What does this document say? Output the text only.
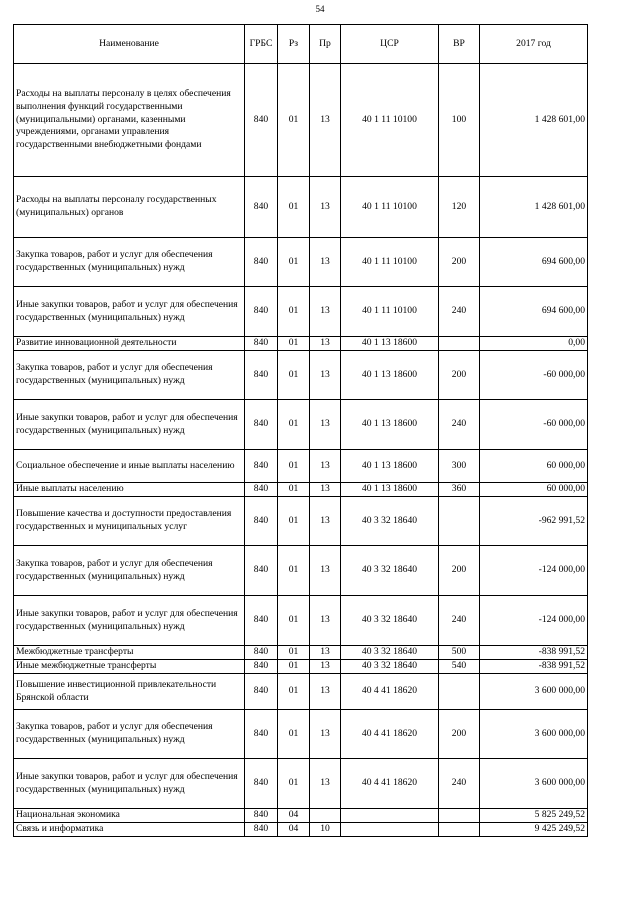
54
Наименование	ГРБС	Рз	Пр	ЦСР	ВР	2017 год
Расходы на выплаты персоналу в целях обеспечения выполнения функций государственными (муниципальными) органами, казенными учреждениями, органами управления государственными внебюджетными фондами	840	01	13	40 1 11 10100	100	1 428 601,00
Расходы на выплаты персоналу государственных (муниципальных) органов	840	01	13	40 1 11 10100	120	1 428 601,00
Закупка товаров, работ и услуг для обеспечения государственных (муниципальных) нужд	840	01	13	40 1 11 10100	200	694 600,00
Иные закупки товаров, работ и услуг для обеспечения государственных (муниципальных) нужд	840	01	13	40 1 11 10100	240	694 600,00
Развитие инновационной деятельности	840	01	13	40 1 13 18600		0,00
Закупка товаров, работ и услуг для обеспечения государственных (муниципальных) нужд	840	01	13	40 1 13 18600	200	-60 000,00
Иные закупки товаров, работ и услуг для обеспечения государственных (муниципальных) нужд	840	01	13	40 1 13 18600	240	-60 000,00
Социальное обеспечение и иные выплаты населению	840	01	13	40 1 13 18600	300	60 000,00
Иные выплаты населению	840	01	13	40 1 13 18600	360	60 000,00
Повышение качества и доступности предоставления государственных и муниципальных услуг	840	01	13	40 3 32 18640		-962 991,52
Закупка товаров, работ и услуг для обеспечения государственных (муниципальных) нужд	840	01	13	40 3 32 18640	200	-124 000,00
Иные закупки товаров, работ и услуг для обеспечения государственных (муниципальных) нужд	840	01	13	40 3 32 18640	240	-124 000,00
Межбюджетные трансферты	840	01	13	40 3 32 18640	500	-838 991,52
Иные межбюджетные трансферты	840	01	13	40 3 32 18640	540	-838 991,52
Повышение инвестиционной привлекательности Брянской области	840	01	13	40 4 41 18620		3 600 000,00
Закупка товаров, работ и услуг для обеспечения государственных (муниципальных) нужд	840	01	13	40 4 41 18620	200	3 600 000,00
Иные закупки товаров, работ и услуг для обеспечения государственных (муниципальных) нужд	840	01	13	40 4 41 18620	240	3 600 000,00
Национальная экономика	840	04				5 825 249,52
Связь и информатика	840	04	10			9 425 249,52
